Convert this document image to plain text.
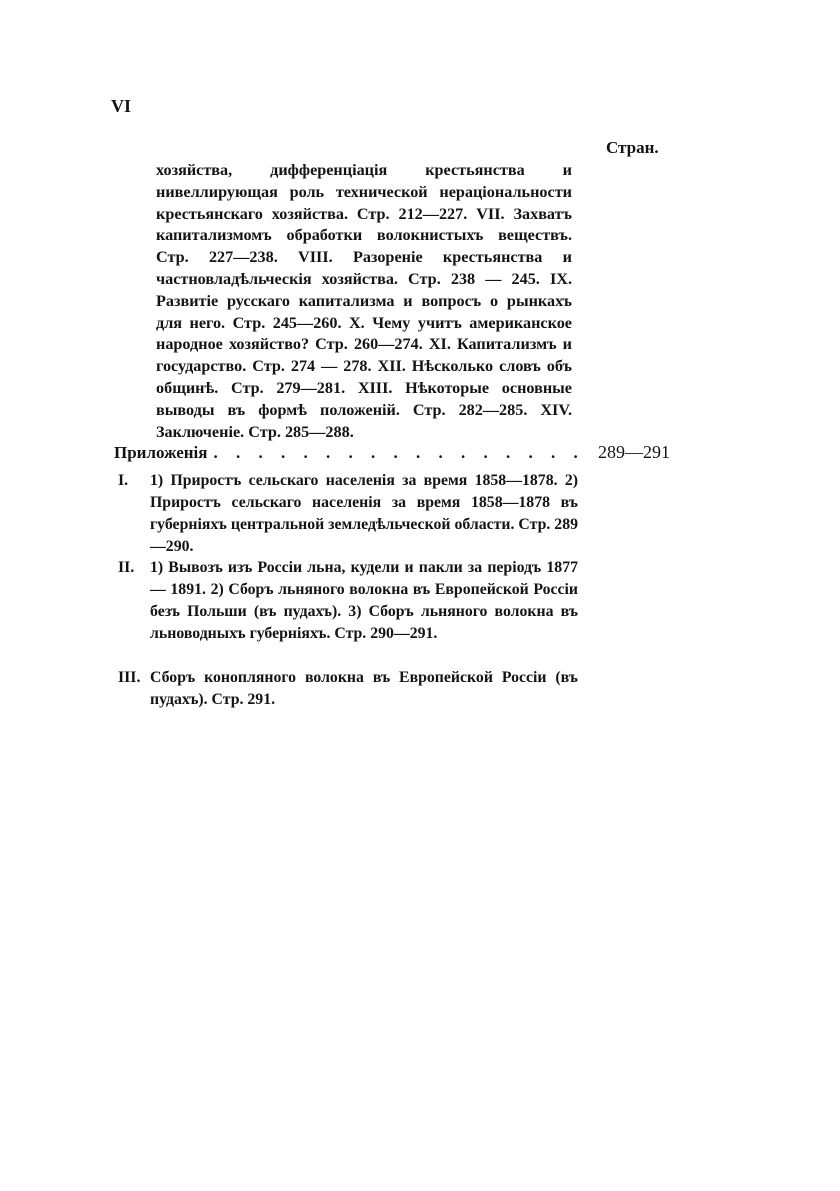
VI
Стран.
хозяйства, дифференціація крестьянства и нивеллирующая роль технической нераціональности крестьянскаго хозяйства. Стр. 212—227. VII. Захватъ капитализмомъ обработки волокнистыхъ веществъ. Стр. 227—238. VIII. Разореніе крестьянства и частновладѣльческія хозяйства. Стр. 238 — 245. IX. Развитіе русскаго капитализма и вопросъ о рынкахъ для него. Стр. 245—260. X. Чему учитъ американское народное хозяйство? Стр. 260—274. XI. Капитализмъ и государство. Стр. 274 — 278. XII. Нѣсколько словъ объ общинѣ. Стр. 279—281. XIII. Нѣкоторые основные выводы въ формѣ положеній. Стр. 282—285. XIV. Заключеніе. Стр. 285—288.
Приложенія . . . . . . . . . . . . . . . . . 289—291
I. 1) Приростъ сельскаго населенія за время 1858—1878. 2) Приростъ сельскаго населенія за время 1858—1878 въ губерніяхъ центральной земледѣльческой области. Стр. 289—290.
II. 1) Вывозъ изъ Россіи льна, кудели и пакли за періодъ 1877 — 1891. 2) Сборъ льняного волокна въ Европейской Россіи безъ Польши (въ пудахъ). 3) Сборъ льняного волокна въ льноводныхъ губерніяхъ. Стр. 290—291.
III. Сборъ конопляного волокна въ Европейской Россіи (въ пудахъ). Стр. 291.
